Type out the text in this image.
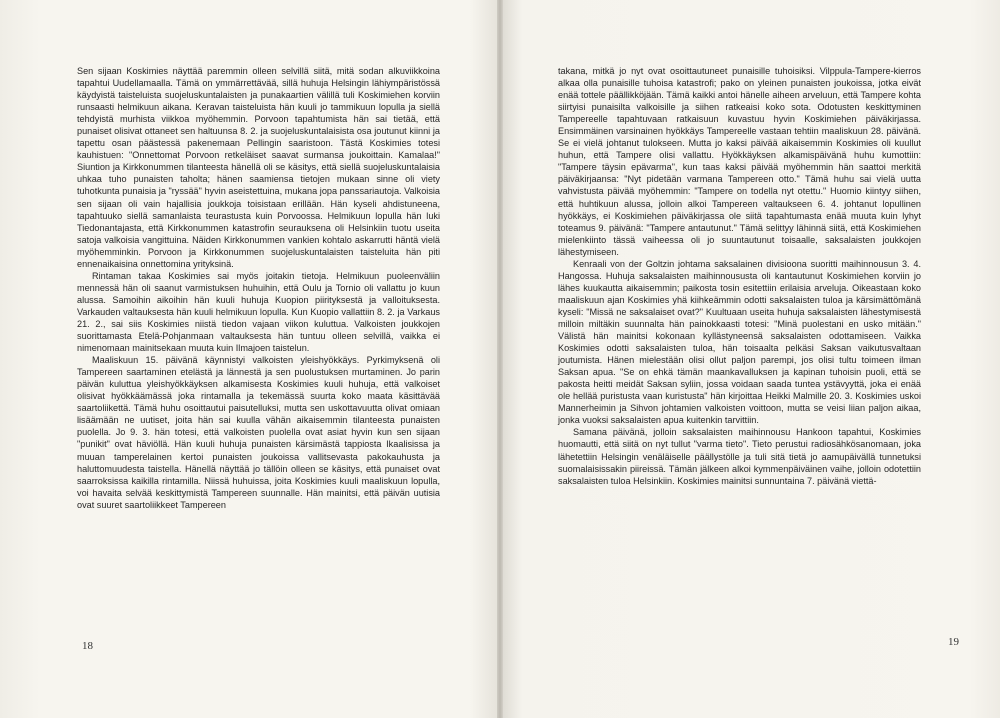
Sen sijaan Koskimies näyttää paremmin olleen selvillä siitä, mitä sodan alkuviikkoina tapahtui Uudellamaalla. Tämä on ymmärrettävää, sillä huhuja Helsingin lähiympäristössä käydyistä taisteluista suojeluskuntalaisten ja punakaartien välillä tuli Koskimiehen korviin runsaasti helmikuun aikana. Keravan taisteluista hän kuuli jo tammikuun lopulla ja siellä tehdyistä murhista viikkoa myöhemmin. Porvoon tapahtumista hän sai tietää, että punaiset olisivat ottaneet sen haltuunsa 8. 2. ja suojeluskuntalaisista osa joutunut kiinni ja tapettu osan päästessä pakenemaan Pellingin saaristoon. Tästä Koskimies totesi kauhistuen: "Onnettomat Porvoon retkeläiset saavat surmansa joukoittain. Kamalaa!" Siuntion ja Kirkkonummen tilanteesta hänellä oli se käsitys, että siellä suojeluskuntalaisia uhkaa tuho punaisten taholta; hänen saamiensa tietojen mukaan sinne oli viety tuhotkunta punaisia ja "ryssää" hyvin aseistettuina, mukana jopa panssariautoja. Valkoisia sen sijaan oli vain hajallisia joukkoja toisistaan erillään. Hän kyseli ahdistuneena, tapahtuuko siellä samanlaista teurastusta kuin Porvoossa. Helmikuun lopulla hän luki Tiedonantajasta, että Kirkkonummen katastrofin seurauksena oli Helsinkiin tuotu useita satoja valkoisia vangittuina. Näiden Kirkkonummen vankien kohtalo askarrutti häntä vielä myöhemminkin. Porvoon ja Kirkkonummen suojeluskuntalaisten taisteluita hän piti ennenaikaisina onnettomina yrityksinä.

Rintaman takaa Koskimies sai myös joitakin tietoja. Helmikuun puoleenväliin mennessä hän oli saanut varmistuksen huhuihin, että Oulu ja Tornio oli vallattu jo kuun alussa. Samoihin aikoihin hän kuuli huhuja Kuopion piirityksestä ja valloituksesta. Varkauden valtauksesta hän kuuli helmikuun lopulla. Kun Kuopio vallattiin 8. 2. ja Varkaus 21. 2., sai siis Koskimies niistä tiedon vajaan viikon kuluttua. Valkoisten joukkojen suorittamasta Etelä-Pohjanmaan valtauksesta hän tuntuu olleen selvillä, vaikka ei nimenomaan mainitsekaan muuta kuin Ilmajoen taistelun.

Maaliskuun 15. päivänä käynnistyi valkoisten yleishyökkäys. Pyrkimyksenä oli Tampereen saartaminen etelästä ja lännestä ja sen puolustuksen murtaminen. Jo parin päivän kuluttua yleishyökkäyksen alkamisesta Koskimies kuuli huhuja, että valkoiset olisivat hyökkäämässä joka rintamalla ja tekemässä suurta koko maata käsittävää saartoliikettä. Tämä huhu osoittautui paisutelluksi, mutta sen uskottavuutta olivat omiaan lisäämään ne uutiset, joita hän sai kuulla vähän aikaisemmin tilanteesta punaisten puolella. Jo 9. 3. hän totesi, että valkoisten puolella ovat asiat hyvin kun sen sijaan "punikit" ovat häviöllä. Hän kuuli huhuja punaisten kärsimästä tappiosta Ikaalisissa ja muuan tamperelainen kertoi punaisten joukoissa vallitsevasta pakokauhusta ja haluttomuudesta taistella. Hänellä näyttää jo tällöin olleen se käsitys, että punaiset ovat saarroksissa kaikilla rintamilla. Niissä huhuissa, joita Koskimies kuuli maaliskuun lopulla, voi havaita selvää keskittymistä Tampereen suunnalle. Hän mainitsi, että päivän uutisia ovat suuret saartoliikkeet Tampereen

18

takana, mitkä jo nyt ovat osoittautuneet punaisille tuhoisiksi. Vilppula-Tampere-kierros alkaa olla punaisille tuhoisa katastrofi; pako on yleinen punaisten joukoissa, jotka eivät enää tottele päällikköjään. Tämä kaikki antoi hänelle aiheen arveluun, että Tampere kohta siirtyisi punaisilta valkoisille ja siihen ratkeaisi koko sota. Odotusten keskittyminen Tampereelle tapahtuvaan ratkaisuun kuvastuu hyvin Koskimiehen päiväkirjassa. Ensimmäinen varsinainen hyökkäys Tampereelle vastaan tehtiin maaliskuun 28. päivänä. Se ei vielä johtanut tulokseen. Mutta jo kaksi päivää aikaisemmin Koskimies oli kuullut huhun, että Tampere olisi vallattu. Hyökkäyksen alkamispäivänä huhu kumottiin: "Tampere täysin epävarma", kun taas kaksi päivää myöhemmin hän saattoi merkitä päiväkirjaansa: "Nyt pidetään varmana Tampereen otto." Tämä huhu sai vielä uutta vahvistusta päivää myöhemmin: "Tampere on todella nyt otettu." Huomio kiintyy siihen, että huhtikuun alussa, jolloin alkoi Tampereen valtaukseen 6. 4. johtanut lopullinen hyökkäys, ei Koskimiehen päiväkirjassa ole siitä tapahtumasta enää muuta kuin lyhyt toteamus 9. päivänä: "Tampere antautunut." Tämä selittyy lähinnä siitä, että Koskimiehen mielenkiinto tässä vaiheessa oli jo suuntautunut toisaalle, saksalaisten joukkojen lähestymiseen.

Kenraali von der Goltzin johtama saksalainen divisioona suoritti maihinnousun 3. 4. Hangossa. Huhuja saksalaisten maihinnoususta oli kantautunut Koskimiehen korviin jo lähes kuukautta aikaisemmin; paikosta tosin esitettiin erilaisia arveluja. Oikeastaan koko maaliskuun ajan Koskimies yhä kiihkeämmin odotti saksalaisten tuloa ja kärsimättömänä kyseli: "Missä ne saksalaiset ovat?" Kuultuaan useita huhuja saksalaisten lähestymisestä milloin miltäkin suunnalta hän painokkaasti totesi: "Minä puolestani en usko mitään." Välistä hän mainitsi kokonaan kyllästyneensä saksalaisten odottamiseen. Vaikka Koskimies odotti saksalaisten tuloa, hän toisaalta pelkäsi Saksan vaikutusvaltaan joutumista. Hänen mielestään olisi ollut paljon parempi, jos olisi tultu toimeen ilman Saksan apua. "Se on ehkä tämän maankavalluksen ja kapinan tuhoisin puoli, että se pakosta heitti meidät Saksan syliin, jossa voidaan saada tuntea ystävyyttä, joka ei enää ole hellää puristusta vaan kuristusta" hän kirjoittaa Heikki Malmille 20. 3. Koskimies uskoi Mannerheimin ja Sihvon johtamien valkoisten voittoon, mutta se veisi liian paljon aikaa, jonka vuoksi saksalaisten apua kuitenkin tarvittiin.

Samana päivänä, jolloin saksalaisten maihinnousu Hankoon tapahtui, Koskimies huomautti, että siitä on nyt tullut "varma tieto". Tieto perustui radiosähkösanomaan, joka lähetettiin Helsingin venäläiselle päällystölle ja tuli sitä tietä jo aamupäivällä tunnetuksi suomalaisissakin piireissä. Tämän jälkeen alkoi kymmenpäiväinen vaihe, jolloin odotettiin saksalaisten tuloa Helsinkiin. Koskimies mainitsi sunnuntaina 7. päivänä viettä-

19
